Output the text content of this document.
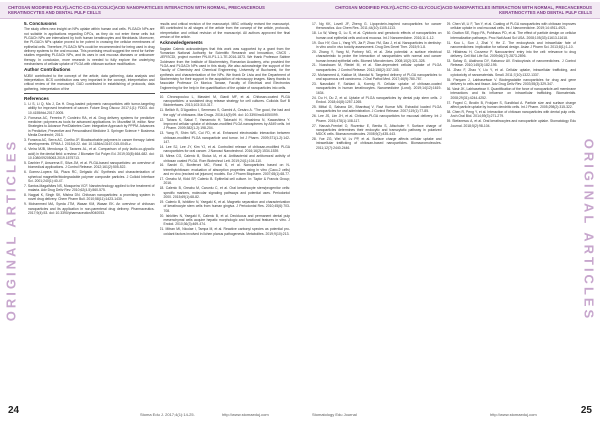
CHITOSAN MODIFIED POLY(LACTIC-CO-GLYCOLIC)ACID NANOPARTICLES INTERACTION WITH NORMAL, PRECANCEROUS KERATINOCYTES AND DENTAL PULP CELLS
ORIGINAL ARTICLES
5. Conclusions
The study offers new insight on NPs uptake within human oral cells. PLGACh NPs are not suitable in applications regarding DPCs, as they do not enter these cells but PLGACh NPs are internalized by both human keratinocytes and fibroblasts. Moreover, the PLGACh NPs uptake proved to be potent in crossing the cellular membranes of epithelial cells. Therefore, PLGACh NPs could be recommended for being used in drug delivery systems to the oral mucosa. This promising result suggest the need for further studies regarding PLGACh NPs, and its uses in oral mucosa diseases or anticancer therapy. In conclusion, more research is needed to fully explore the underlying mechanisms of cellular uptake of PLGA with chitosan surface modification.
Author Contributions
MJBV contributed to the concept of the article, data gathering, data analysis and interpretation. BCS contribution was very important in the concept, interpretation and critical review of the manuscript. GAD contributed in establishing of protocols, data gathering, interpretation of the
References
1. Li S, Li Q, Ma J, Da H. Drug-loaded polymeric nanoparticles with tumor-targeting ability for improved treatment of cancer. Future Drug Discov. 2017;1(1): FDD3. doi: 10.4155/fdd-2017-0005.
2. Fonseca AC, Ferreira P, Cordeiro RA, et al. Drug delivery systems for predictive medicine: polymers as tools for advanced applications. In: Mozaffari M, editor. New Strategies to Advance Pre/Diabetes Care: Integrative Approach by PPPM. Advances in Predictive, Preventive and Personalised Medicine 3. Springer Science + Business Media Dordrecht; 2013.
3. Fonseca AC, Serra AC, Coelho JF. Bioabsorbable polymers in cancer therapy: latest developments. EPMA J. 2015;6:22. doi: 10.1186/s13167-015-0045-z.
4. Vieira MJB, Mendonça G, Tavares AL, et al. Comparison of poly lactic-co-glycolic acid) in the dental field: a review. J Biomater Sci Polym Ed. 2019;30(8):664-682. doi: 10.1080/09205063.2019.1575713.
5. Danhier F, Ansorena E, Silva JM, et al. PLGA-based nanoparticles: an overview of biomedical applications. J Control Release. 2012;161(2):505-522.
6. Gomez-Lopera SA, Plaza RC, Delgado AV. Synthesis and characterization of spherical magnetite/biodegradable polymer composite particles. J Colloid Interface Sci. 2001;240(1):40-47.
7. Santos-Magalhães NS, Mosqueira VCF. Nanotechnology applied to the treatment of malaria. Adv Drug Deliv Rev. 2010;62(4-5):560-575.
8. Nagpal K, Singh SK, Mishra DN. Chitosan nanoparticles: a promising system in novel drug delivery. Chem Pharm Bull. 2010;58(11):1423-1430.
9. Mohammed MA, Syeda JTM, Wasan KM, Wasan EK. An overview of chitosan nanoparticles and its application in non-parenteral drug delivery. Pharmaceutics. 2017;9(4):53. doi: 10.3390/pharmaceutics9040053.
results and critical revision of the manuscript. MBC critically revised the manuscript. MB contributed to all stages of the article from the concept of the article, protocols, interpretation and critical revision of the manuscript. All authors approved the final version of the article.
Acknowledgements
Bogdan Calenic acknowledges that this work was supported by a grant from the Romanian National Authority for Scientific Research and Innovation, CNCS - UEFISCDI, project number PN-III-P1-1.1-TE-2016-1873. We thank Professor Sabine Goldmann from the Institute of Biochemistry, Romanian Academy, who provided the PLGA and PLGACh NPs used in this study. We also acknowledge the support of the Faculty of Chemistry and Chemical Engineering, University of Bucharest, for the synthesis and characterization of the NPs. We thank Dr Livia and the Department of Biochemistry for their support in the acquisition of microscopy images. Many thanks to Associate Professor Dr Monica Tanase, Faculty of Electrical and Electronics Engineering for the help in the quantification of the uptake of nanoparticles into cells.
10. Chronopoulou L, Massimi M, Giardi MF, et al. Chitosan-coated PLGA nanoparticles: a sustained drug release strategy for cell cultures. Colloids Surf B Biointerfaces. 2013;103:310-317.
11. Bellich B, D'Agostino I, Semeraro S, Gamini A, Cesàro A. "The good, the bad and the ugly" of chitosans. Mar Drugs. 2016;14(5):99. doi: 10.3390/md14050099.
12. Tahara K, Sakai T, Yamamoto H, Takeuchi H, Hirashima N, Kawashima Y. Improved cellular uptake of chitosan-modified PLGA nanospheres by A549 cells. Int J Pharm. 2009;382(1-2):198-204.
13. Yang R, Shim WS, Cui FD, et al. Enhanced electrostatic interaction between chitosan-modified PLGA nanoparticle and tumor. Int J Pharm. 2009;371(1-2):142-147.
14. Lee SJ, Lee JY, Kim YJ, et al. Controlled release of chitosan-modified PLGA nanoparticles for oral cancer. J Nanosci Nanotechnol. 2016;16(2):1534-1539.
15. Mirea CG, Calenic B, Stoica IA, et al. Antibacterial and antitumoral activity of chitosan coated PLGA. Rom Biotechnol Lett. 2019;24(1):104-110.
16. Sandri G, Bonferoni MC, Rossi S, et al. Nanoparticles based on N-trimethylchitosan: evaluation of absorption properties using in vitro (Caco-2 cells) and ex vivo (excised rat jejunum) models. Eur J Pharm Biopharm. 2007;65(1):68-77.
17. Greabu M, Kidd SP, Calenic B. Epithelial cell culture. In: Taylor & Francis Group; 2016.
18. Calenic B, Greabu M, Caruntu C, et al. Oral keratinocyte stem/progenitor cells: specific markers, molecular signaling pathways and potential uses. Periodontol 2000. 2015;69(1):68-82.
19. Calenic B, Ishkitiev N, Yaegaki K, et al. Magnetic separation and characterization of keratinocyte stem cells from human gingiva. J Periodontal Res. 2010;45(6):703-708.
20. Ishkitiev N, Yaegaki K, Calenic B, et al. Deciduous and permanent dental pulp mesenchymal cells acquire hepatic morphologic and functional features in vitro. J Endod. 2010;36(3):469-474.
21. Mitran MI, Nicolae I, Tampa M, et al. Reactive carbonyl species as potential pro-oxidant factors involved in lichen planus pathogenesis. Metabolites. 2019;9(10):213.
24	Stoma Edu J. 2017;4(1):14-25.	http://www.stomaeduj.com
CHITOSAN MODIFIED POLY(LACTIC-CO-GLYCOLIC)ACID NANOPARTICLES INTERACTION WITH NORMAL, PRECANCEROUS KERATINOCYTES AND DENTAL PULP CELLS
ORIGINAL ARTICLES
17. Ng KK, Lovell JF, Zheng G. Lipoprotein-inspired nanoparticles for cancer theranostics. Acc Chem Res. 2011;44(10):1105-1113.
18. Lu W, Wang G, Lu S, et al. Cytotoxic and genotoxic effects of nanoparticles on human oral epithelial cells and oral mucosa. Int J Nanomedicine. 2016;11:1-12.
19. Guo HY, Guo L, Yang YR, Jia P, Zhao YM, Gao J, et al. Nanoparticles in dentistry: in vitro and in vivo toxicity assessment. Drug Des Devel Ther. 2015;9:1-8.
20. Zhang Y, Yang M, Portney NG, et al. Zeta potential: a surface electrical characteristic to probe the interaction of nanoparticles with normal and cancer human breast epithelial cells. Biomed Microdevices. 2008;10(2):321-328.
21. Nussbaum M, Riedel M, et al. Size-dependent cellular uptake of PLGA nanoparticles. J Control Release. 2012;158(2):337-345.
22. Mohammed A, Kakkar M, Mandal N. Targeted delivery of PLGA nanoparticles to oral squamous cell carcinoma. J Oral Pathol Med. 2017;46(9):780-787.
23. Nasrollahi F, Sahlani A, Koenig R. Cellular uptake of chitosan-coated nanoparticles in human keratinocytes. Nanomedicine (Lond). 2019;14(12):1619-1634.
24. Du H, Du Z, et al. Uptake of PLGA nanoparticles by dental pulp stem cells. J Endod. 2018;44(8):1257-1265.
25. Mittal G, Sahana DK, Bhardwaj V, Ravi Kumar MN. Estradiol loaded PLGA nanoparticles for oral administration. J Control Release. 2007;119(1):77-85.
26. Lee JS, Lim JH, et al. Chitosan-PLGA nanoparticles for mucosal delivery. Int J Pharm. 2015;478(1):108-117.
27. Harush-Frenkel O, Rozentur E, Benita S, Altschuler Y. Surface charge of nanoparticles determines their endocytic and transcytotic pathway in polarized MDCK cells. Biomacromolecules. 2008;9(2):435-443.
28. Yue ZG, Wei W, Lv PP, et al. Surface charge affects cellular uptake and intracellular trafficking of chitosan-based nanoparticles. Biomacromolecules. 2011;12(7):2440-2446.
29. Chen W, Li F, Tan Y, et al. Coating of PLGA nanoparticles with chitosan improves cellular uptake in oral mucosal cells. Int J Nanomedicine. 2019;14:4911-4921.
30. Gratton SE, Ropp PA, Pohlhaus PD, et al. The effect of particle design on cellular internalization pathways. Proc Natl Acad Sci USA. 2008;105(33):11613-11618.
31. Kou L, Sun J, Zhai Y, He Z. The endocytosis and intracellular fate of nanomedicines: implication for rational design. Asian J Pharm Sci. 2013;8(1):1-10.
32. Hillaireau H, Couvreur P. Nanocarriers' entry into the cell: relevance to drug delivery. Cell Mol Life Sci. 2009;66(17):2873-2896.
33. Sahay G, Alakhova DY, Kabanov AV. Endocytosis of nanomedicines. J Control Release. 2010;145(3):182-195.
34. Zhao F, Zhao Y, Liu Y, et al. Cellular uptake, intracellular trafficking, and cytotoxicity of nanomaterials. Small. 2011;7(10):1322-1337.
35. Panyam J, Labhasetwar V. Biodegradable nanoparticles for drug and gene delivery to cells and tissue. Adv Drug Deliv Rev. 2003;55(3):329-347.
36. Vasir JK, Labhasetwar V. Quantification of the force of nanoparticle-cell membrane interactions and its influence on intracellular trafficking. Biomaterials. 2008;29(31):4244-4252.
37. Foged C, Brodin B, Frokjaer S, Sundblad A. Particle size and surface charge affect particle uptake by human dendritic cells. Int J Pharm. 2005;298(2):315-322.
38. Chen R, Peng Y, et al. Interaction of chitosan nanoparticles with dental pulp cells. Arch Oral Biol. 2014;59(3):271-279.
39. Stefanescu A, et al. Oral keratinocytes and nanoparticle uptake. Stomatology Edu Journal. 2018;5(2):98-104.
Stomatology Edu Journal	http://www.stomaeduj.com	25
